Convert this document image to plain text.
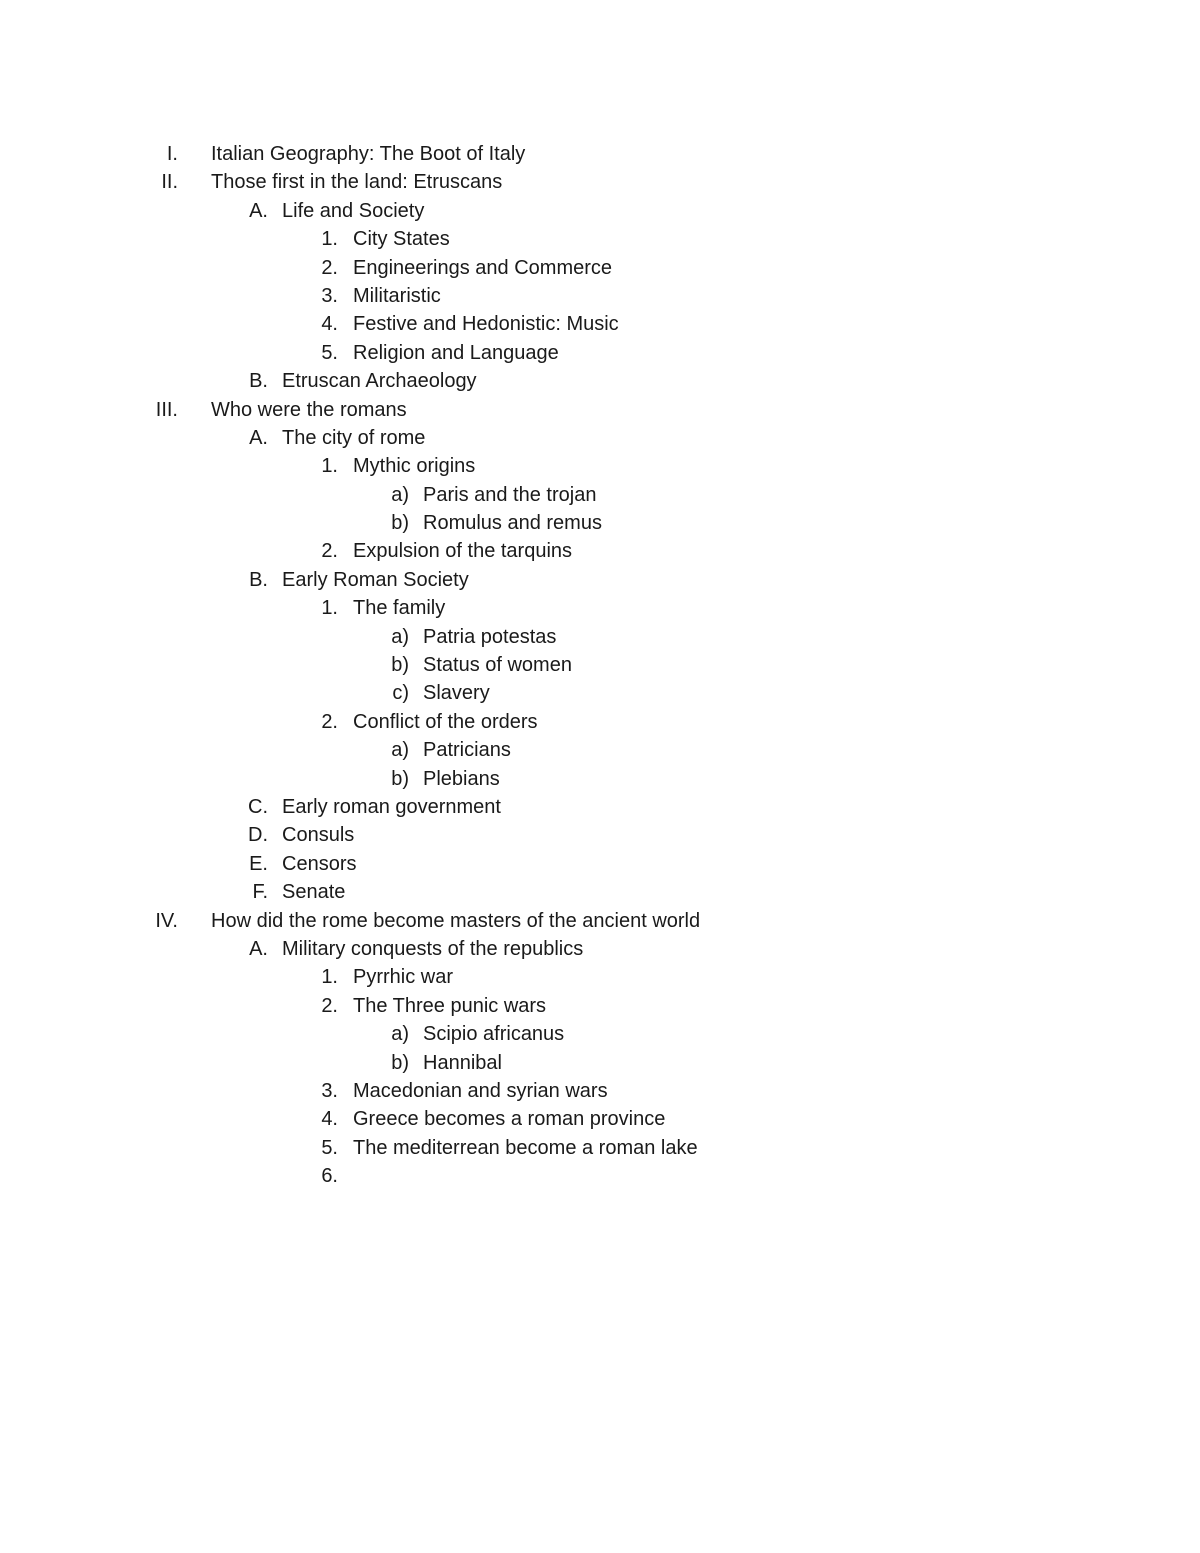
I. Italian Geography: The Boot of Italy
II. Those first in the land: Etruscans
A. Life and Society
1. City States
2. Engineerings and Commerce
3. Militaristic
4. Festive and Hedonistic: Music
5. Religion and Language
B. Etruscan Archaeology
III. Who were the romans
A. The city of rome
1. Mythic origins
a) Paris and the trojan
b) Romulus and remus
2. Expulsion of the tarquins
B. Early Roman Society
1. The family
a) Patria potestas
b) Status of women
c) Slavery
2. Conflict of the orders
a) Patricians
b) Plebians
C. Early roman government
D. Consuls
E. Censors
F. Senate
IV. How did the rome become masters of the ancient world
A. Military conquests of the republics
1. Pyrrhic war
2. The Three punic wars
a) Scipio africanus
b) Hannibal
3. Macedonian and syrian wars
4. Greece becomes a roman province
5. The mediterrean become a roman lake
6.
